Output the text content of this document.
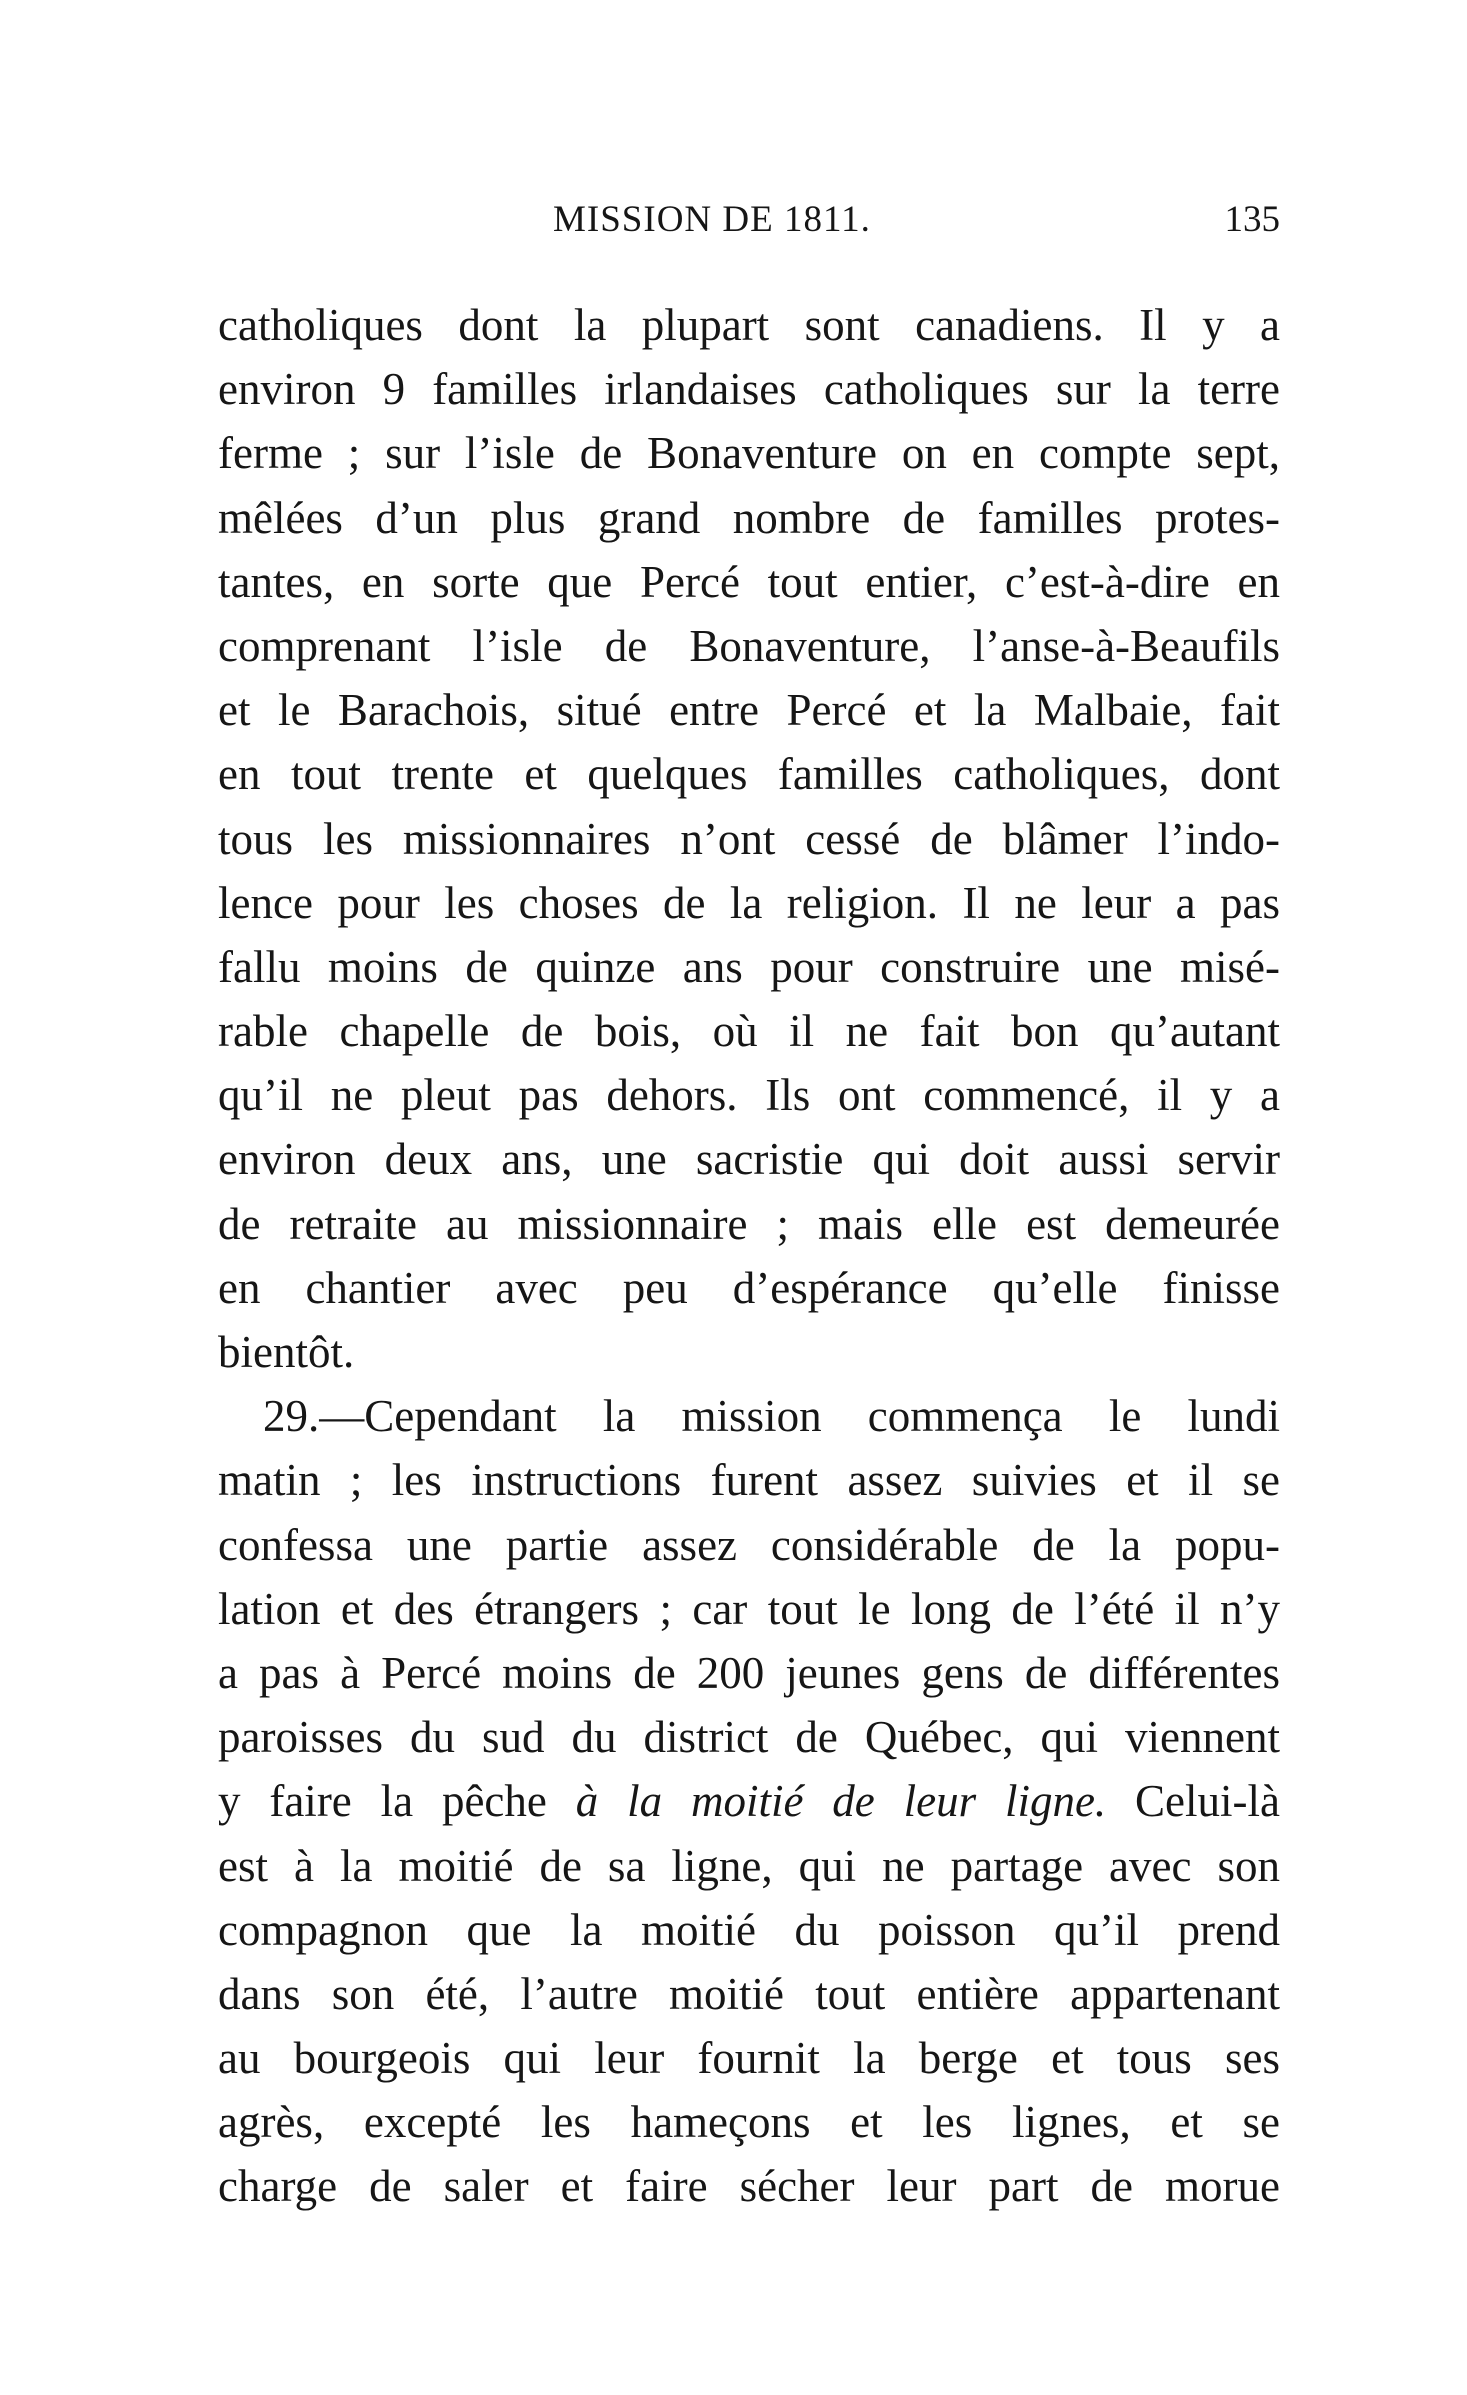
MISSION DE 1811.	135
catholiques dont la plupart sont canadiens. Il y a
environ 9 familles irlandaises catholiques sur la terre
ferme ; sur l’isle de Bonaventure on en compte sept,
mêlées d’un plus grand nombre de familles protes-
tantes, en sorte que Percé tout entier, c’est-à-dire en
comprenant l’isle de Bonaventure, l’anse-à-Beaufils
et le Barachois, situé entre Percé et la Malbaie, fait
en tout trente et quelques familles catholiques, dont
tous les missionnaires n’ont cessé de blâmer l’indo-
lence pour les choses de la religion. Il ne leur a pas
fallu moins de quinze ans pour construire une misé-
rable chapelle de bois, où il ne fait bon qu’autant
qu’il ne pleut pas dehors. Ils ont commencé, il y a
environ deux ans, une sacristie qui doit aussi servir
de retraite au missionnaire ; mais elle est demeurée
en chantier avec peu d’espérance qu’elle finisse
bientôt.
29.—Cependant la mission commença le lundi
matin ; les instructions furent assez suivies et il se
confessa une partie assez considérable de la popu-
lation et des étrangers ; car tout le long de l’été il n’y
a pas à Percé moins de 200 jeunes gens de différentes
paroisses du sud du district de Québec, qui viennent
y faire la pêche à la moitié de leur ligne. Celui-là
est à la moitié de sa ligne, qui ne partage avec son
compagnon que la moitié du poisson qu’il prend
dans son été, l’autre moitié tout entière appartenant
au bourgeois qui leur fournit la berge et tous ses
agrès, excepté les hameçons et les lignes, et se
charge de saler et faire sécher leur part de morue
